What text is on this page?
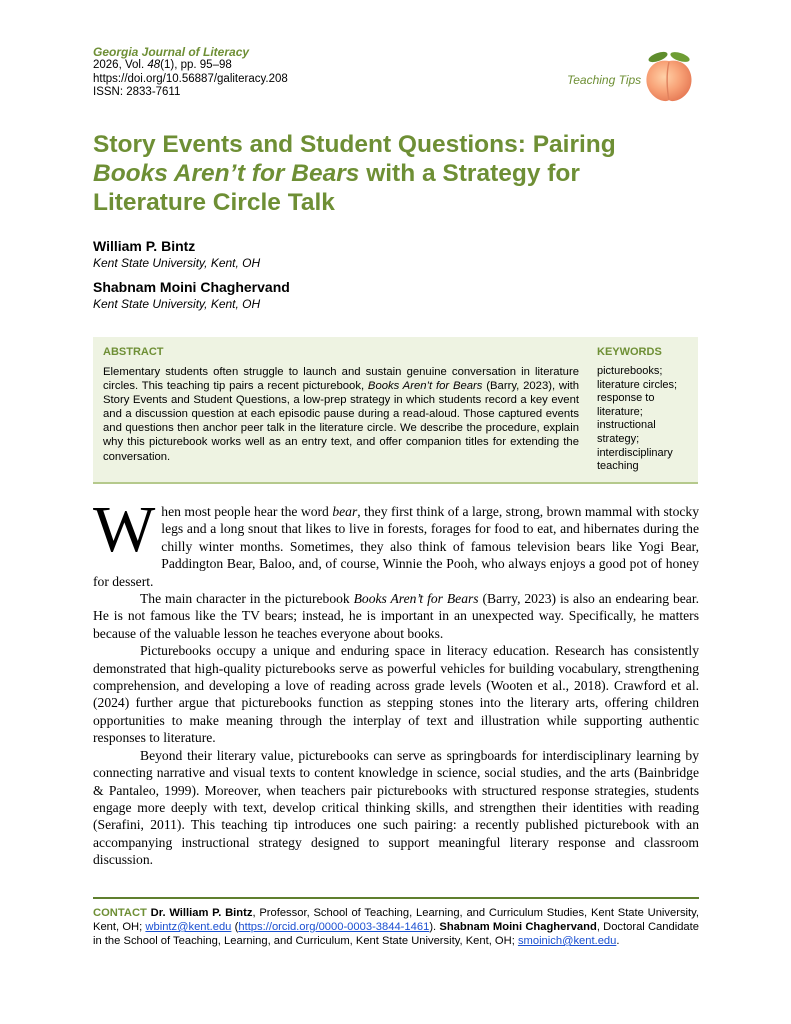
Georgia Journal of Literacy
2026, Vol. 48(1), pp. 95–98
https://doi.org/10.56887/galiteracy.208
ISSN: 2833-7611
Teaching Tips
Story Events and Student Questions: Pairing
Books Aren’t for Bears with a Strategy for Literature Circle Talk
William P. Bintz
Kent State University, Kent, OH
Shabnam Moini Chaghervand
Kent State University, Kent, OH
ABSTRACT
Elementary students often struggle to launch and sustain genuine conversation in literature circles. This teaching tip pairs a recent picturebook, Books Aren’t for Bears (Barry, 2023), with Story Events and Student Questions, a low-prep strategy in which students record a key event and a discussion question at each episodic pause during a read-aloud. Those captured events and questions then anchor peer talk in the literature circle. We describe the procedure, explain why this picturebook works well as an entry text, and offer companion titles for extending the conversation.
KEYWORDS
picturebooks;
literature circles;
response to
literature;
instructional
strategy;
interdisciplinary
teaching

When most people hear the word bear, they first think of a large, strong, brown mammal with stocky legs and a long snout that likes to live in forests, forages for food to eat, and hibernates during the chilly winter months. Sometimes, they also think of famous television bears like Yogi Bear, Paddington Bear, Baloo, and, of course, Winnie the Pooh, who always enjoys a good pot of honey for dessert.

The main character in the picturebook Books Aren’t for Bears (Barry, 2023) is also an endearing bear. He is not famous like the TV bears; instead, he is important in an unexpected way. Specifically, he matters because of the valuable lesson he teaches everyone about books.

Picturebooks occupy a unique and enduring space in literacy education. Research has consistently demonstrated that high-quality picturebooks serve as powerful vehicles for building vocabulary, strengthening comprehension, and developing a love of reading across grade levels (Wooten et al., 2018). Crawford et al. (2024) further argue that picturebooks function as stepping stones into the literary arts, offering children opportunities to make meaning through the interplay of text and illustration while supporting authentic responses to literature.

Beyond their literary value, picturebooks can serve as springboards for interdisciplinary learning by connecting narrative and visual texts to content knowledge in science, social studies, and the arts (Bainbridge & Pantaleo, 1999). Moreover, when teachers pair picturebooks with structured response strategies, students engage more deeply with text, develop critical thinking skills, and strengthen their identities with reading (Serafini, 2011). This teaching tip introduces one such pairing: a recently published picturebook with an accompanying instructional strategy designed to support meaningful literary response and classroom discussion.

CONTACT Dr. William P. Bintz, Professor, School of Teaching, Learning, and Curriculum Studies, Kent State University, Kent, OH; wbintz@kent.edu (https://orcid.org/0000-0003-3844-1461). Shabnam Moini Chaghervand, Doctoral Candidate in the School of Teaching, Learning, and Curriculum, Kent State University, Kent, OH; smoinich@kent.edu.
